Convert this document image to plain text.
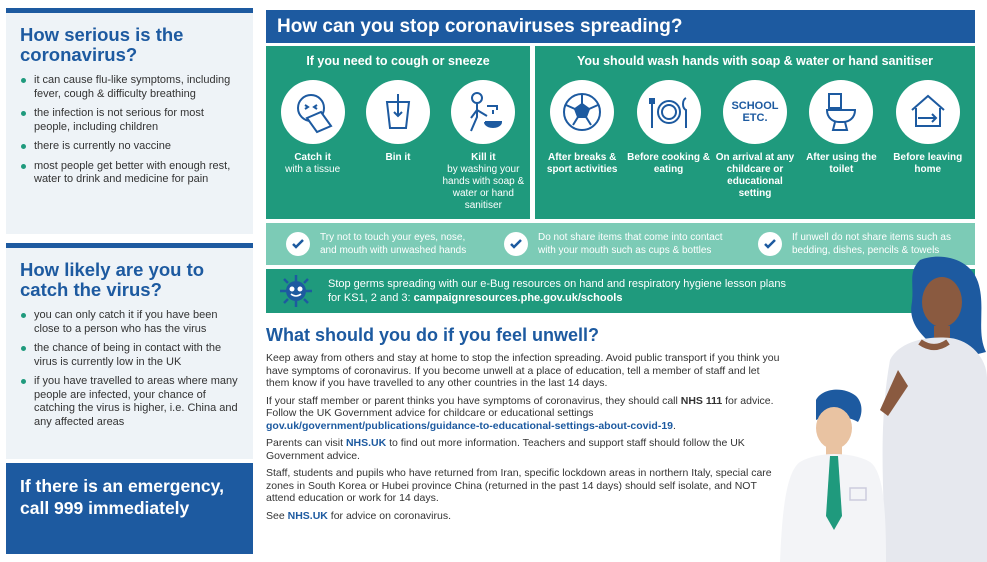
How serious is the coronavirus?
it can cause flu-like symptoms, including fever, cough & difficulty breathing
the infection is not serious for most people, including children
there is currently no vaccine
most people get better with enough rest, water to drink and medicine for pain
How likely are you to catch the virus?
you can only catch it if you have been close to a person who has the virus
the chance of being in contact with the virus is currently low in the UK
if you have travelled to areas where many people are infected, your chance of catching the virus is higher, i.e. China and any affected areas
If there is an emergency, call 999 immediately
How can you stop coronaviruses spreading?
If you need to cough or sneeze
Catch it
with a tissue
Bin it	Kill it
by washing your hands with soap & water or hand sanitiser
You should wash hands with soap & water or hand sanitiser
After breaks & sport activities
Before cooking & eating
SCHOOL ETC.
On arrival at any childcare or educational setting
After using the toilet
Before leaving home
Try not to touch your eyes, nose, and mouth with unwashed hands
Do not share items that come into contact with your mouth such as cups & bottles
If unwell do not share items such as bedding, dishes, pencils & towels
Stop germs spreading with our e-Bug resources on hand and respiratory hygiene lesson plans
for KS1, 2 and 3: campaignresources.phe.gov.uk/schools
What should you do if you feel unwell?

Keep away from others and stay at home to stop the infection spreading. Avoid public transport if you think you have symptoms of coronavirus. If you become unwell at a place of education, tell a member of staff and let them know if you have travelled to any other countries in the last 14 days.

If your staff member or parent thinks you have symptoms of coronavirus, they should call NHS 111 for advice. Follow the UK Government advice for childcare or educational settings gov.uk/government/publications/guidance-to-educational-settings-about-covid-19.

Parents can visit NHS.UK to find out more information. Teachers and support staff should follow the UK Government advice.

Staff, students and pupils who have returned from Iran, specific lockdown areas in northern Italy, special care zones in South Korea or Hubei province China (returned in the past 14 days) should self isolate, and NOT attend education or work for 14 days.

See NHS.UK for advice on coronavirus.
